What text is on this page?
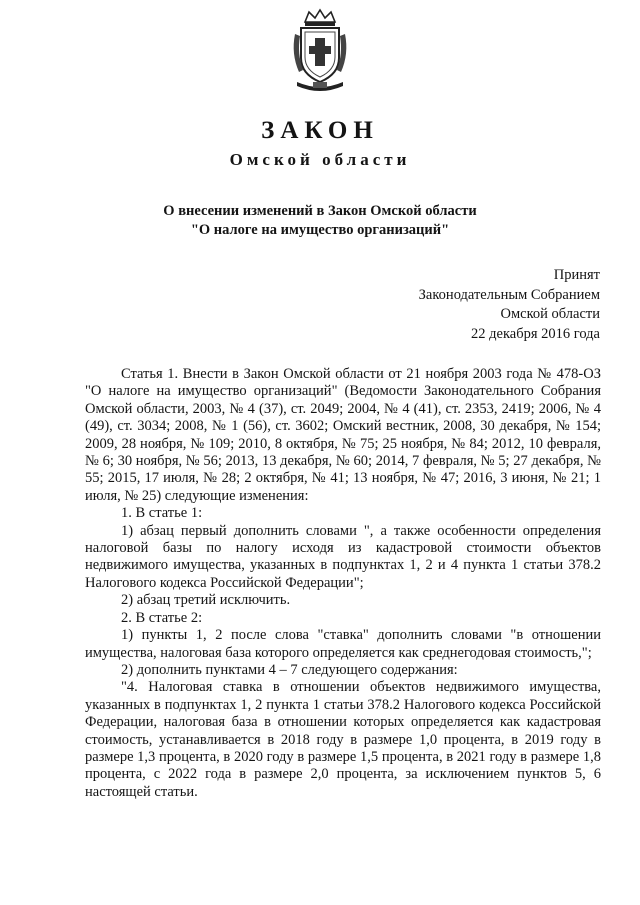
ЗАКОН
Омской области
О внесении изменений в Закон Омской области
"О налоге на имущество организаций"
Принят
Законодательным Собранием
Омской области
22 декабря 2016 года

Статья 1. Внести в Закон Омской области от 21 ноября 2003 года № 478-ОЗ "О налоге на имущество организаций" (Ведомости Законодательного Собрания Омской области, 2003, № 4 (37), ст. 2049; 2004, № 4 (41), ст. 2353, 2419; 2006, № 4 (49), ст. 3034; 2008, № 1 (56), ст. 3602; Омский вестник, 2008, 30 декабря, № 154; 2009, 28 ноября, № 109; 2010, 8 октября, № 75; 25 ноября, № 84; 2012, 10 февраля, № 6; 30 ноября, № 56; 2013, 13 декабря, № 60; 2014, 7 февраля, № 5; 27 декабря, № 55; 2015, 17 июля, № 28; 2 октября, № 41; 13 ноября, № 47; 2016, 3 июня, № 21; 1 июля, № 25) следующие изменения:

1. В статье 1:

1) абзац первый дополнить словами ", а также особенности определения налоговой базы по налогу исходя из кадастровой стоимости объектов недвижимого имущества, указанных в подпунктах 1, 2 и 4 пункта 1 статьи 378.2 Налогового кодекса Российской Федерации";

2) абзац третий исключить.

2. В статье 2:

1) пункты 1, 2 после слова "ставка" дополнить словами "в отношении имущества, налоговая база которого определяется как среднегодовая стоимость,";

2) дополнить пунктами 4 – 7 следующего содержания:

"4. Налоговая ставка в отношении объектов недвижимого имущества, указанных в подпунктах 1, 2 пункта 1 статьи 378.2 Налогового кодекса Российской Федерации, налоговая база в отношении которых определяется как кадастровая стоимость, устанавливается в 2018 году в размере 1,0 процента, в 2019 году в размере 1,3 процента, в 2020 году в размере 1,5 процента, в 2021 году в размере 1,8 процента, с 2022 года в размере 2,0 процента, за исключением пунктов 5, 6 настоящей статьи.
